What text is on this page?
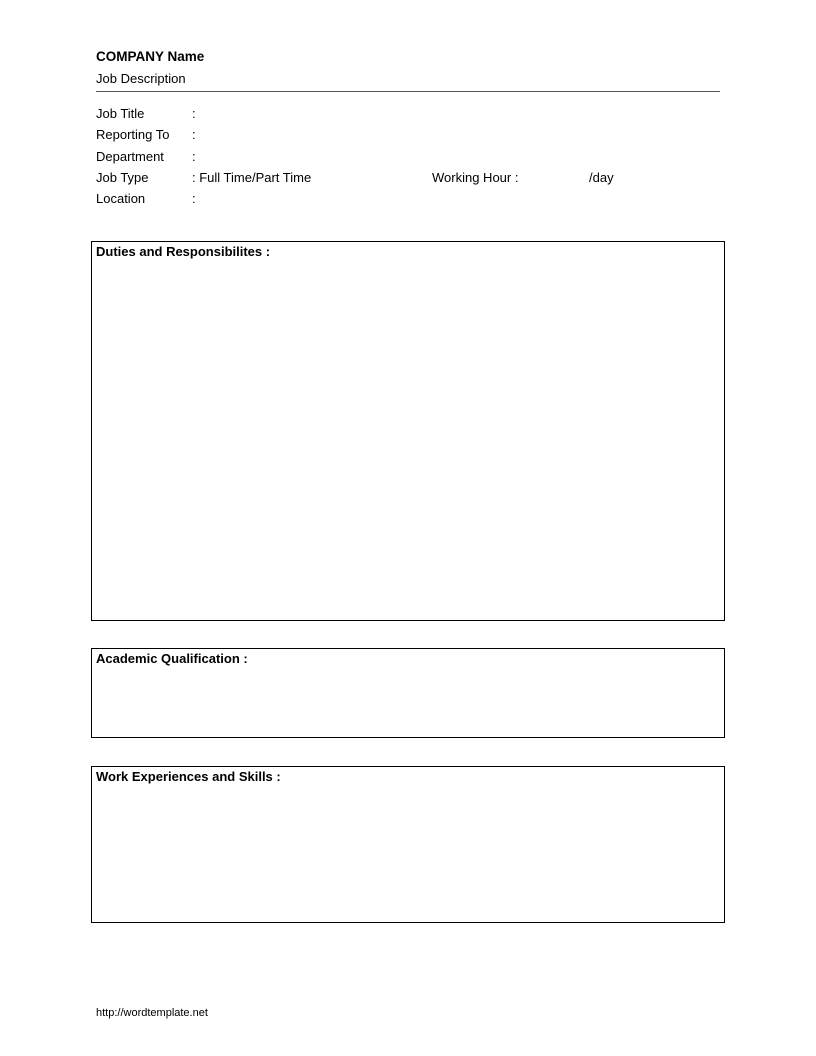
COMPANY Name
Job Description
Job Title	:
Reporting To :
Department :
Job Type	: Full Time/Part Time	Working Hour :	/day
Location	:
Duties and Responsibilites :
Academic Qualification :
Work Experiences and Skills :
http://wordtemplate.net
